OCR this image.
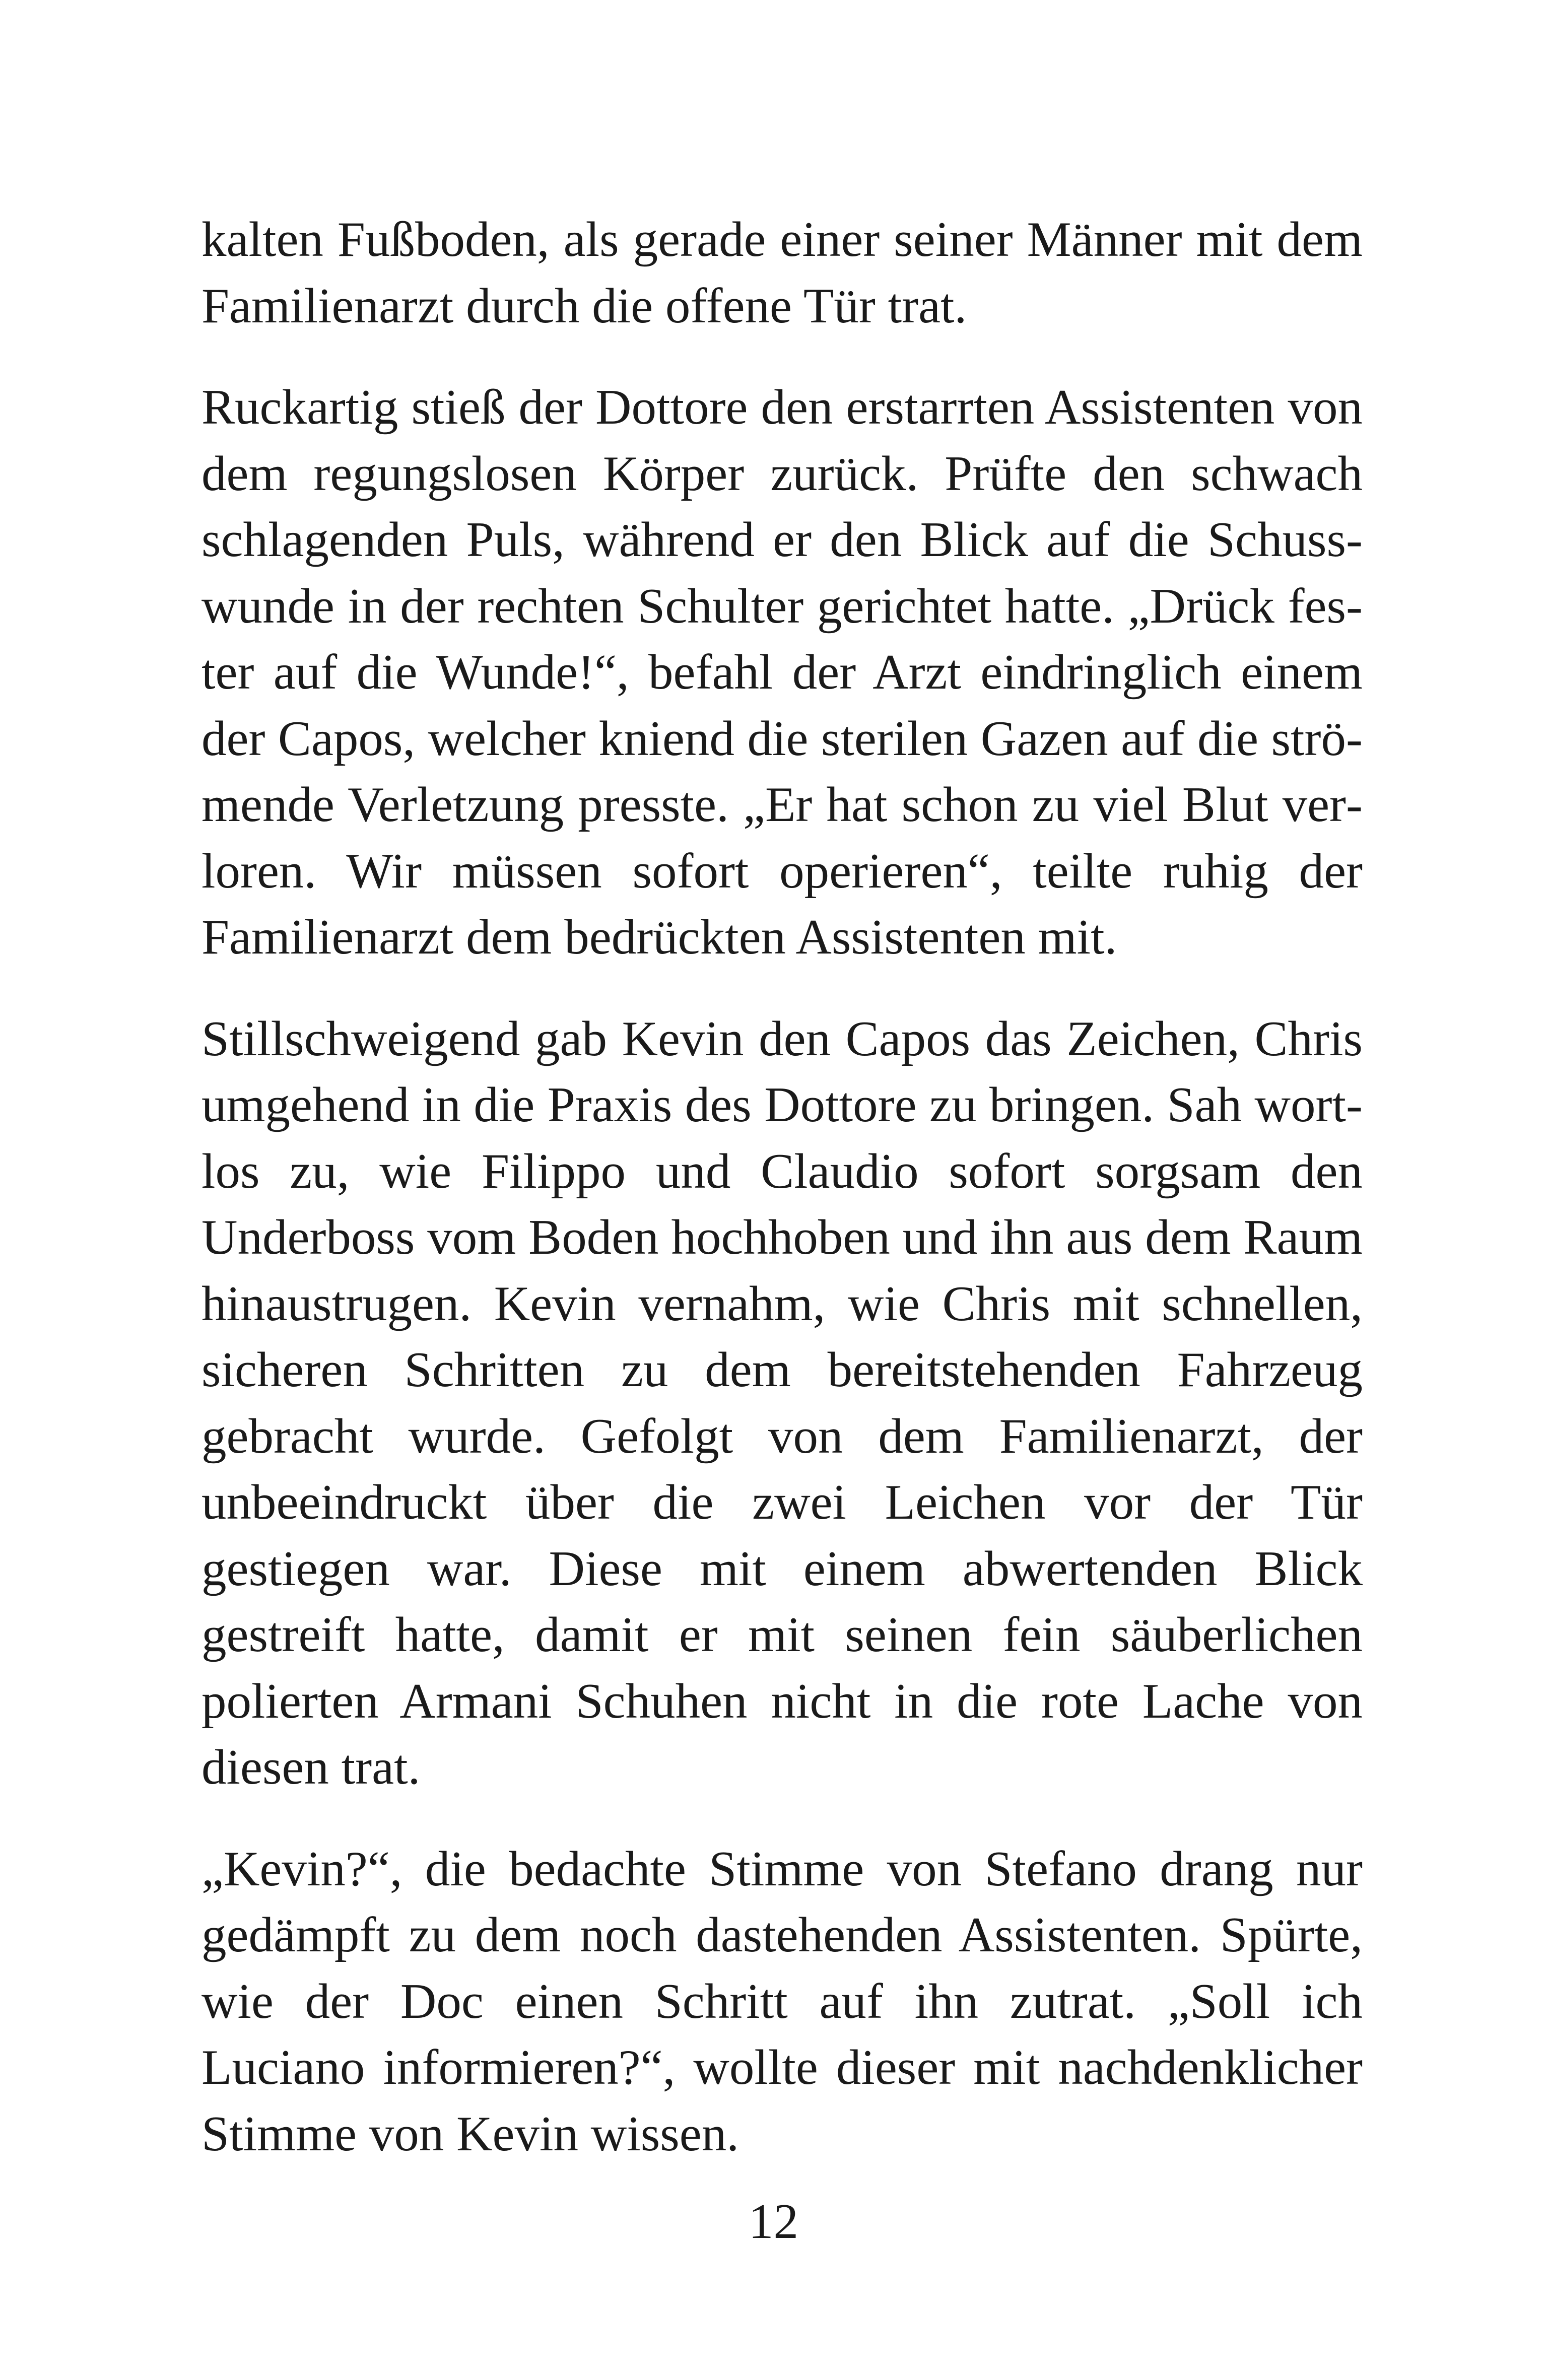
kalten Fußboden, als gerade einer seiner Männer mit dem Familienarzt durch die offene Tür trat.

Ruckartig stieß der Dottore den erstarrten Assistenten von dem regungslosen Körper zurück. Prüfte den schwach schlagenden Puls, während er den Blick auf die Schusswunde in der rechten Schulter gerichtet hatte. „Drück fester auf die Wunde!“, befahl der Arzt eindringlich einem der Capos, welcher kniend die sterilen Gazen auf die strömende Verletzung presste. „Er hat schon zu viel Blut verloren. Wir müssen sofort operieren“, teilte ruhig der Familienarzt dem bedrückten Assistenten mit.

Stillschweigend gab Kevin den Capos das Zeichen, Chris umgehend in die Praxis des Dottore zu bringen. Sah wortlos zu, wie Filippo und Claudio sofort sorgsam den Underboss vom Boden hochhoben und ihn aus dem Raum hinaustrugen. Kevin vernahm, wie Chris mit schnellen, sicheren Schritten zu dem bereitstehenden Fahrzeug gebracht wurde. Gefolgt von dem Familienarzt, der unbeeindruckt über die zwei Leichen vor der Tür gestiegen war. Diese mit einem abwertenden Blick gestreift hatte, damit er mit seinen fein säuberlichen polierten Armani Schuhen nicht in die rote Lache von diesen trat.

„Kevin?“, die bedachte Stimme von Stefano drang nur gedämpft zu dem noch dastehenden Assistenten. Spürte, wie der Doc einen Schritt auf ihn zutrat. „Soll ich Luciano informieren?“, wollte dieser mit nachdenklicher Stimme von Kevin wissen.

12
